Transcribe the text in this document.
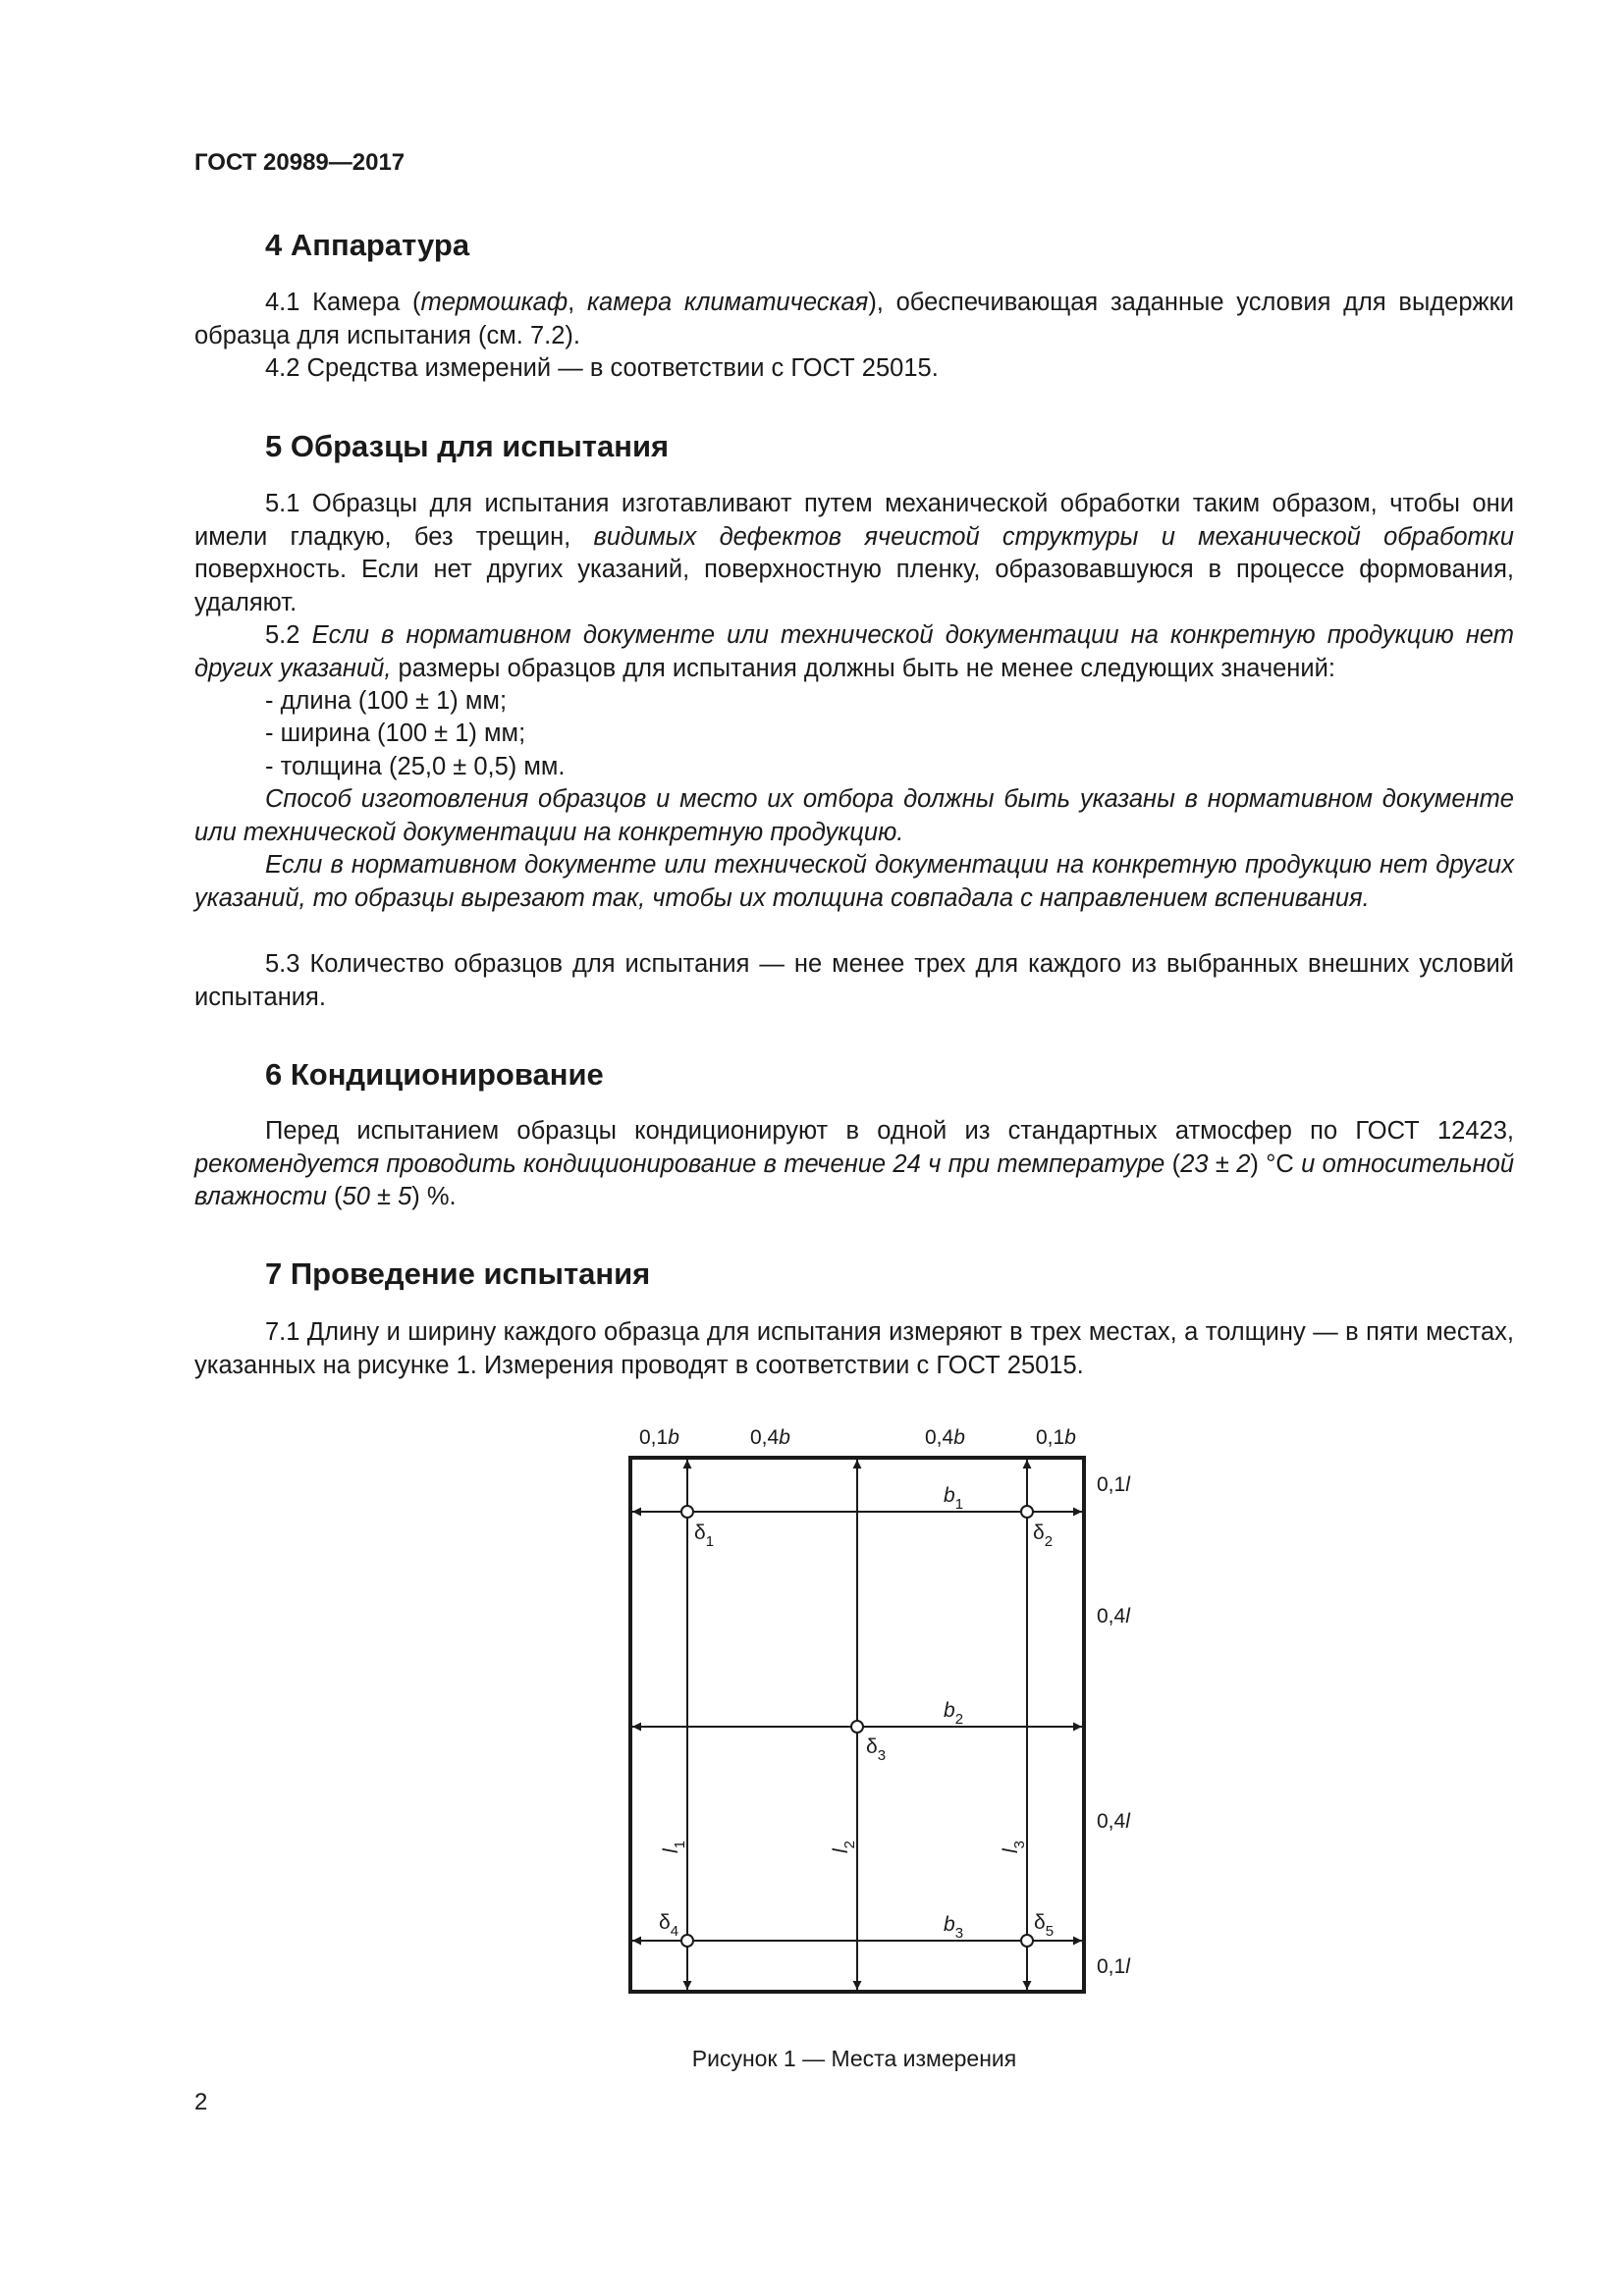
ГОСТ 20989—2017
4 Аппаратура

4.1 Камера (термошкаф, камера климатическая), обеспечивающая заданные условия для выдержки образца для испытания (см. 7.2).

4.2 Средства измерений — в соответствии с ГОСТ 25015.

5 Образцы для испытания

5.1 Образцы для испытания изготавливают путем механической обработки таким образом, чтобы они имели гладкую, без трещин, видимых дефектов ячеистой структуры и механической обработки поверхность. Если нет других указаний, поверхностную пленку, образовавшуюся в процессе формования, удаляют.

5.2 Если в нормативном документе или технической документации на конкретную продукцию нет других указаний, размеры образцов для испытания должны быть не менее следующих значений:

- длина (100 ± 1) мм;

- ширина (100 ± 1) мм;

- толщина (25,0 ± 0,5) мм.

Способ изготовления образцов и место их отбора должны быть указаны в нормативном документе или технической документации на конкретную продукцию.

Если в нормативном документе или технической документации на конкретную продукцию нет других указаний, то образцы вырезают так, чтобы их толщина совпадала с направлением вспенивания.

5.3 Количество образцов для испытания — не менее трех для каждого из выбранных внешних условий испытания.

6 Кондиционирование

Перед испытанием образцы кондиционируют в одной из стандартных атмосфер по ГОСТ 12423, рекомендуется проводить кондиционирование в течение 24 ч при температуре (23 ± 2) °С и относительной влажности (50 ± 5) %.

7 Проведение испытания

7.1 Длину и ширину каждого образца для испытания измеряют в трех местах, а толщину — в пяти местах, указанных на рисунке 1. Измерения проводят в соответствии с ГОСТ 25015.

0,1b	0,4b	0,4b	0,1b
0,1l
0,4l
0,4l
0,1l
$b_1$
$b_2$
$b_3$
$l_1$
$l_2$
$l_3$
$\delta_1$	$\delta_2$
$\delta_3$
$\delta_4$	$\delta_5$
Рисунок 1 — Места измерения
2
